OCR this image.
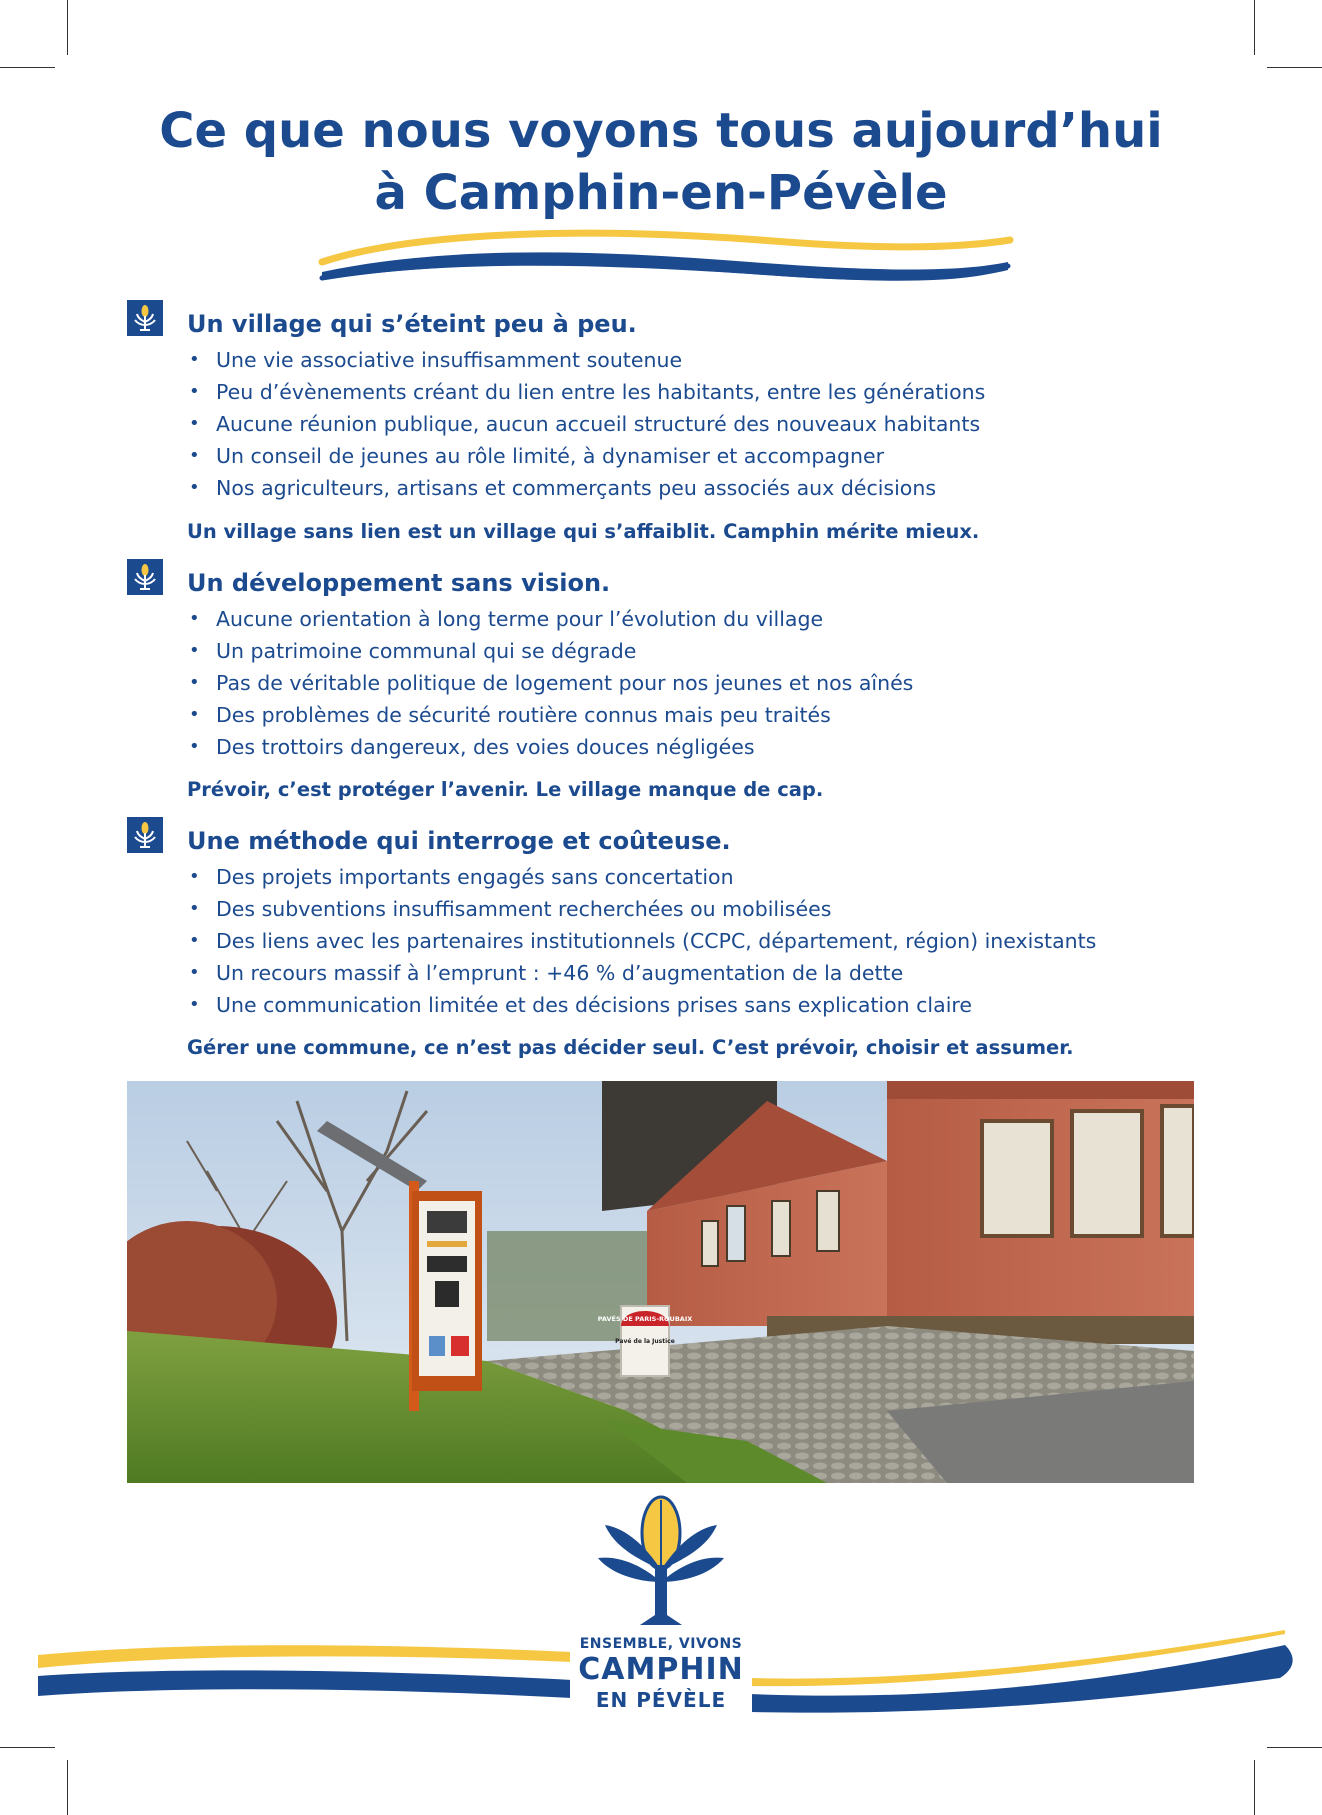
Ce que nous voyons tous aujourd’hui
à Camphin-en-Pévèle
Un village qui s’éteint peu à peu.
• Une vie associative insuffisamment soutenue
• Peu d’évènements créant du lien entre les habitants, entre les générations
• Aucune réunion publique, aucun accueil structuré des nouveaux habitants
• Un conseil de jeunes au rôle limité, à dynamiser et accompagner
• Nos agriculteurs, artisans et commerçants peu associés aux décisions

Un village sans lien est un village qui s’affaiblit. Camphin mérite mieux.

Un développement sans vision.
• Aucune orientation à long terme pour l’évolution du village
• Un patrimoine communal qui se dégrade
• Pas de véritable politique de logement pour nos jeunes et nos aînés
• Des problèmes de sécurité routière connus mais peu traités
• Des trottoirs dangereux, des voies douces négligées

Prévoir, c’est protéger l’avenir. Le village manque de cap.

Une méthode qui interroge et coûteuse.
• Des projets importants engagés sans concertation
• Des subventions insuffisamment recherchées ou mobilisées
• Des liens avec les partenaires institutionnels (CCPC, département, région) inexistants
• Un recours massif à l’emprunt : +46 % d’augmentation de la dette
• Une communication limitée et des décisions prises sans explication claire

Gérer une commune, ce n’est pas décider seul. C’est prévoir, choisir et assumer.

PAVÉS DE PARIS-ROUBAIX
Pavé de la Justice
ENSEMBLE, VIVONS
CAMPHIN
EN PÉVÈLE
